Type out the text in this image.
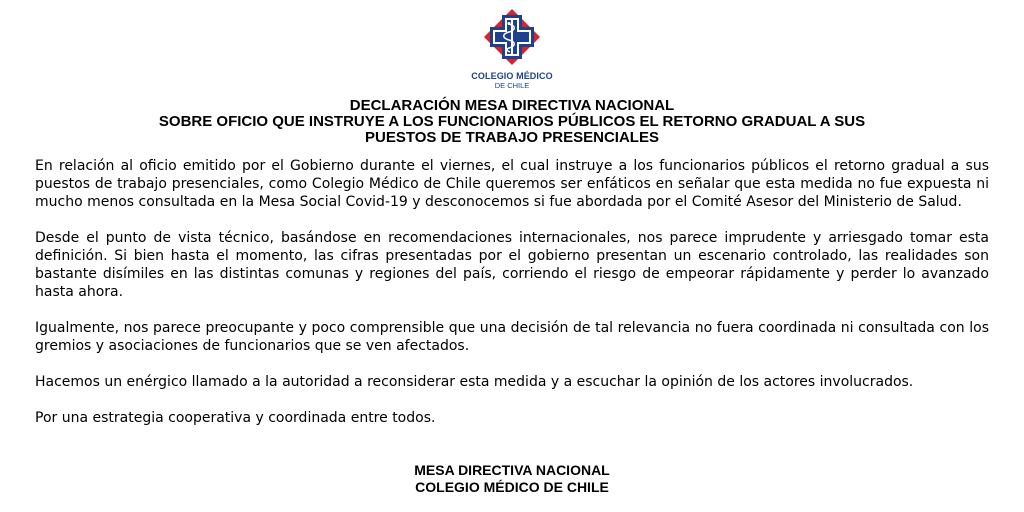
COLEGIO MÉDICO
DE CHILE
DECLARACIÓN MESA DIRECTIVA NACIONAL
SOBRE OFICIO QUE INSTRUYE A LOS FUNCIONARIOS PÚBLICOS EL RETORNO GRADUAL A SUS
PUESTOS DE TRABAJO PRESENCIALES

En relación al oficio emitido por el Gobierno durante el viernes, el cual instruye a los funcionarios públicos el retorno gradual a sus puestos de trabajo presenciales, como Colegio Médico de Chile queremos ser enfáticos en señalar que esta medida no fue expuesta ni mucho menos consultada en la Mesa Social Covid-19 y desconocemos si fue abordada por el Comité Asesor del Ministerio de Salud.

Desde el punto de vista técnico, basándose en recomendaciones internacionales, nos parece imprudente y arriesgado tomar esta definición. Si bien hasta el momento, las cifras presentadas por el gobierno presentan un escenario controlado, las realidades son bastante disímiles en las distintas comunas y regiones del país, corriendo el riesgo de empeorar rápidamente y perder lo avanzado hasta ahora.

Igualmente, nos parece preocupante y poco comprensible que una decisión de tal relevancia no fuera coordinada ni consultada con los gremios y asociaciones de funcionarios que se ven afectados.

Hacemos un enérgico llamado a la autoridad a reconsiderar esta medida y a escuchar la opinión de los actores involucrados.

Por una estrategia cooperativa y coordinada entre todos.

MESA DIRECTIVA NACIONAL
COLEGIO MÉDICO DE CHILE
